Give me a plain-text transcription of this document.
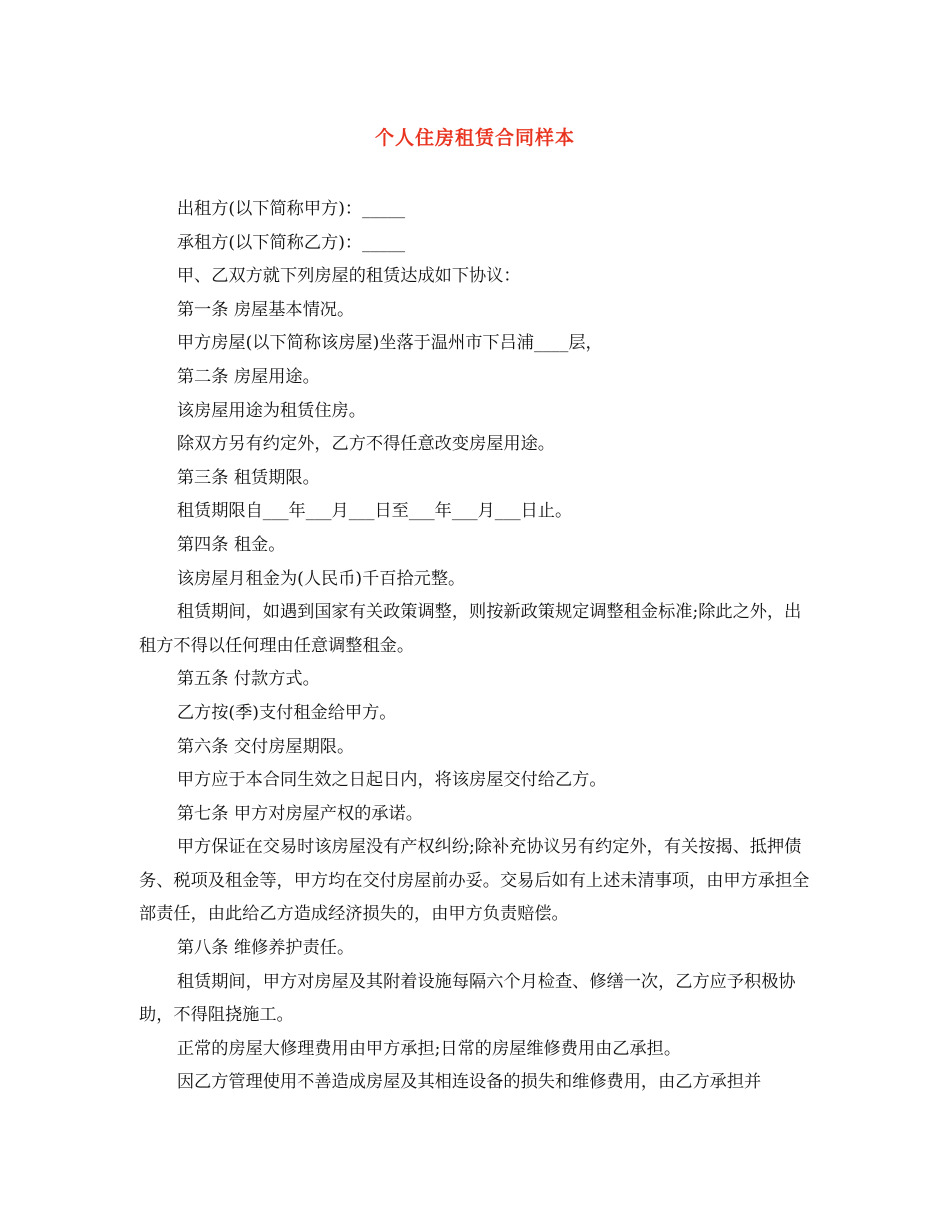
个人住房租赁合同样本

出租方(以下简称甲方)：_____

承租方(以下简称乙方)：_____

甲、乙双方就下列房屋的租赁达成如下协议：

第一条 房屋基本情况。

甲方房屋(以下简称该房屋)坐落于温州市下吕浦____层，

第二条 房屋用途。

该房屋用途为租赁住房。

除双方另有约定外，乙方不得任意改变房屋用途。

第三条 租赁期限。

租赁期限自___年___月___日至___年___月___日止。

第四条 租金。

该房屋月租金为(人民币)千百拾元整。

租赁期间，如遇到国家有关政策调整，则按新政策规定调整租金标准;除此之外，出租方不得以任何理由任意调整租金。

第五条 付款方式。

乙方按(季)支付租金给甲方。

第六条 交付房屋期限。

甲方应于本合同生效之日起日内，将该房屋交付给乙方。

第七条 甲方对房屋产权的承诺。

甲方保证在交易时该房屋没有产权纠纷;除补充协议另有约定外，有关按揭、抵押债务、税项及租金等，甲方均在交付房屋前办妥。交易后如有上述未清事项，由甲方承担全部责任，由此给乙方造成经济损失的，由甲方负责赔偿。

第八条 维修养护责任。

租赁期间，甲方对房屋及其附着设施每隔六个月检查、修缮一次，乙方应予积极协助，不得阻挠施工。

正常的房屋大修理费用由甲方承担;日常的房屋维修费用由乙承担。

因乙方管理使用不善造成房屋及其相连设备的损失和维修费用，由乙方承担并
